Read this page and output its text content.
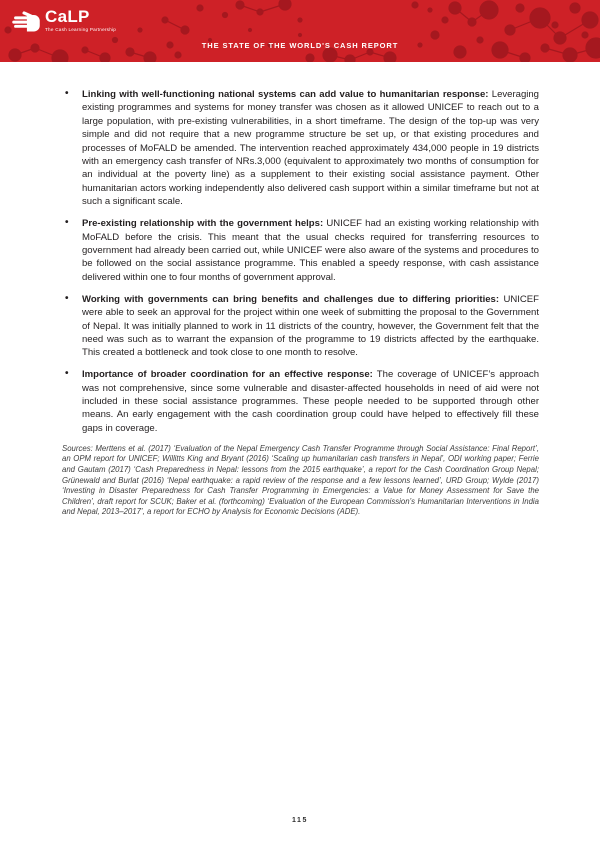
CaLP
The Cash Learning Partnership
THE STATE OF THE WORLD'S CASH REPORT
• Linking with well-functioning national systems can add value to humanitarian response: Leveraging existing programmes and systems for money transfer was chosen as it allowed UNICEF to reach out to a large population, with pre-existing vulnerabilities, in a short timeframe. The design of the top-up was very simple and did not require that a new programme structure be set up, or that existing procedures and processes of MoFALD be amended. The intervention reached approximately 434,000 people in 19 districts with an emergency cash transfer of NRs.3,000 (equivalent to approximately two months of consumption for an individual at the poverty line) as a supplement to their existing social assistance payment. Other humanitarian actors working independently also delivered cash support within a similar timeframe but not at such a significant scale.
• Pre-existing relationship with the government helps: UNICEF had an existing working relationship with MoFALD before the crisis. This meant that the usual checks required for transferring resources to government had already been carried out, while UNICEF were also aware of the systems and procedures to be followed on the social assistance programme. This enabled a speedy response, with cash assistance delivered within one to four months of government approval.
• Working with governments can bring benefits and challenges due to differing priorities: UNICEF were able to seek an approval for the project within one week of submitting the proposal to the Government of Nepal. It was initially planned to work in 11 districts of the country, however, the Government felt that the need was such as to warrant the expansion of the programme to 19 districts affected by the earthquake. This created a bottleneck and took close to one month to resolve.
• Importance of broader coordination for an effective response: The coverage of UNICEF’s approach was not comprehensive, since some vulnerable and disaster-affected households in need of aid were not included in these social assistance programmes. These people needed to be supported through other means. An early engagement with the cash coordination group could have helped to effectively fill these gaps in coverage.

Sources: Merttens et al. (2017) ‘Evaluation of the Nepal Emergency Cash Transfer Programme through Social Assistance: Final Report’, an OPM report for UNICEF; Willitts King and Bryant (2016) ‘Scaling up humanitarian cash transfers in Nepal’, ODI working paper; Ferrie and Gautam (2017) ‘Cash Preparedness in Nepal: lessons from the 2015 earthquake’, a report for the Cash Coordination Group Nepal; Grünewald and Burlat (2016) ‘Nepal earthquake: a rapid review of the response and a few lessons learned’, URD Group; Wylde (2017) ‘Investing in Disaster Preparedness for Cash Transfer Programming in Emergencies: a Value for Money Assessment for Save the Children’, draft report for SCUK; Baker et al. (forthcoming) ‘Evaluation of the European Commission’s Humanitarian Interventions in India and Nepal, 2013–2017’, a report for ECHO by Analysis for Economic Decisions (ADE).

115
